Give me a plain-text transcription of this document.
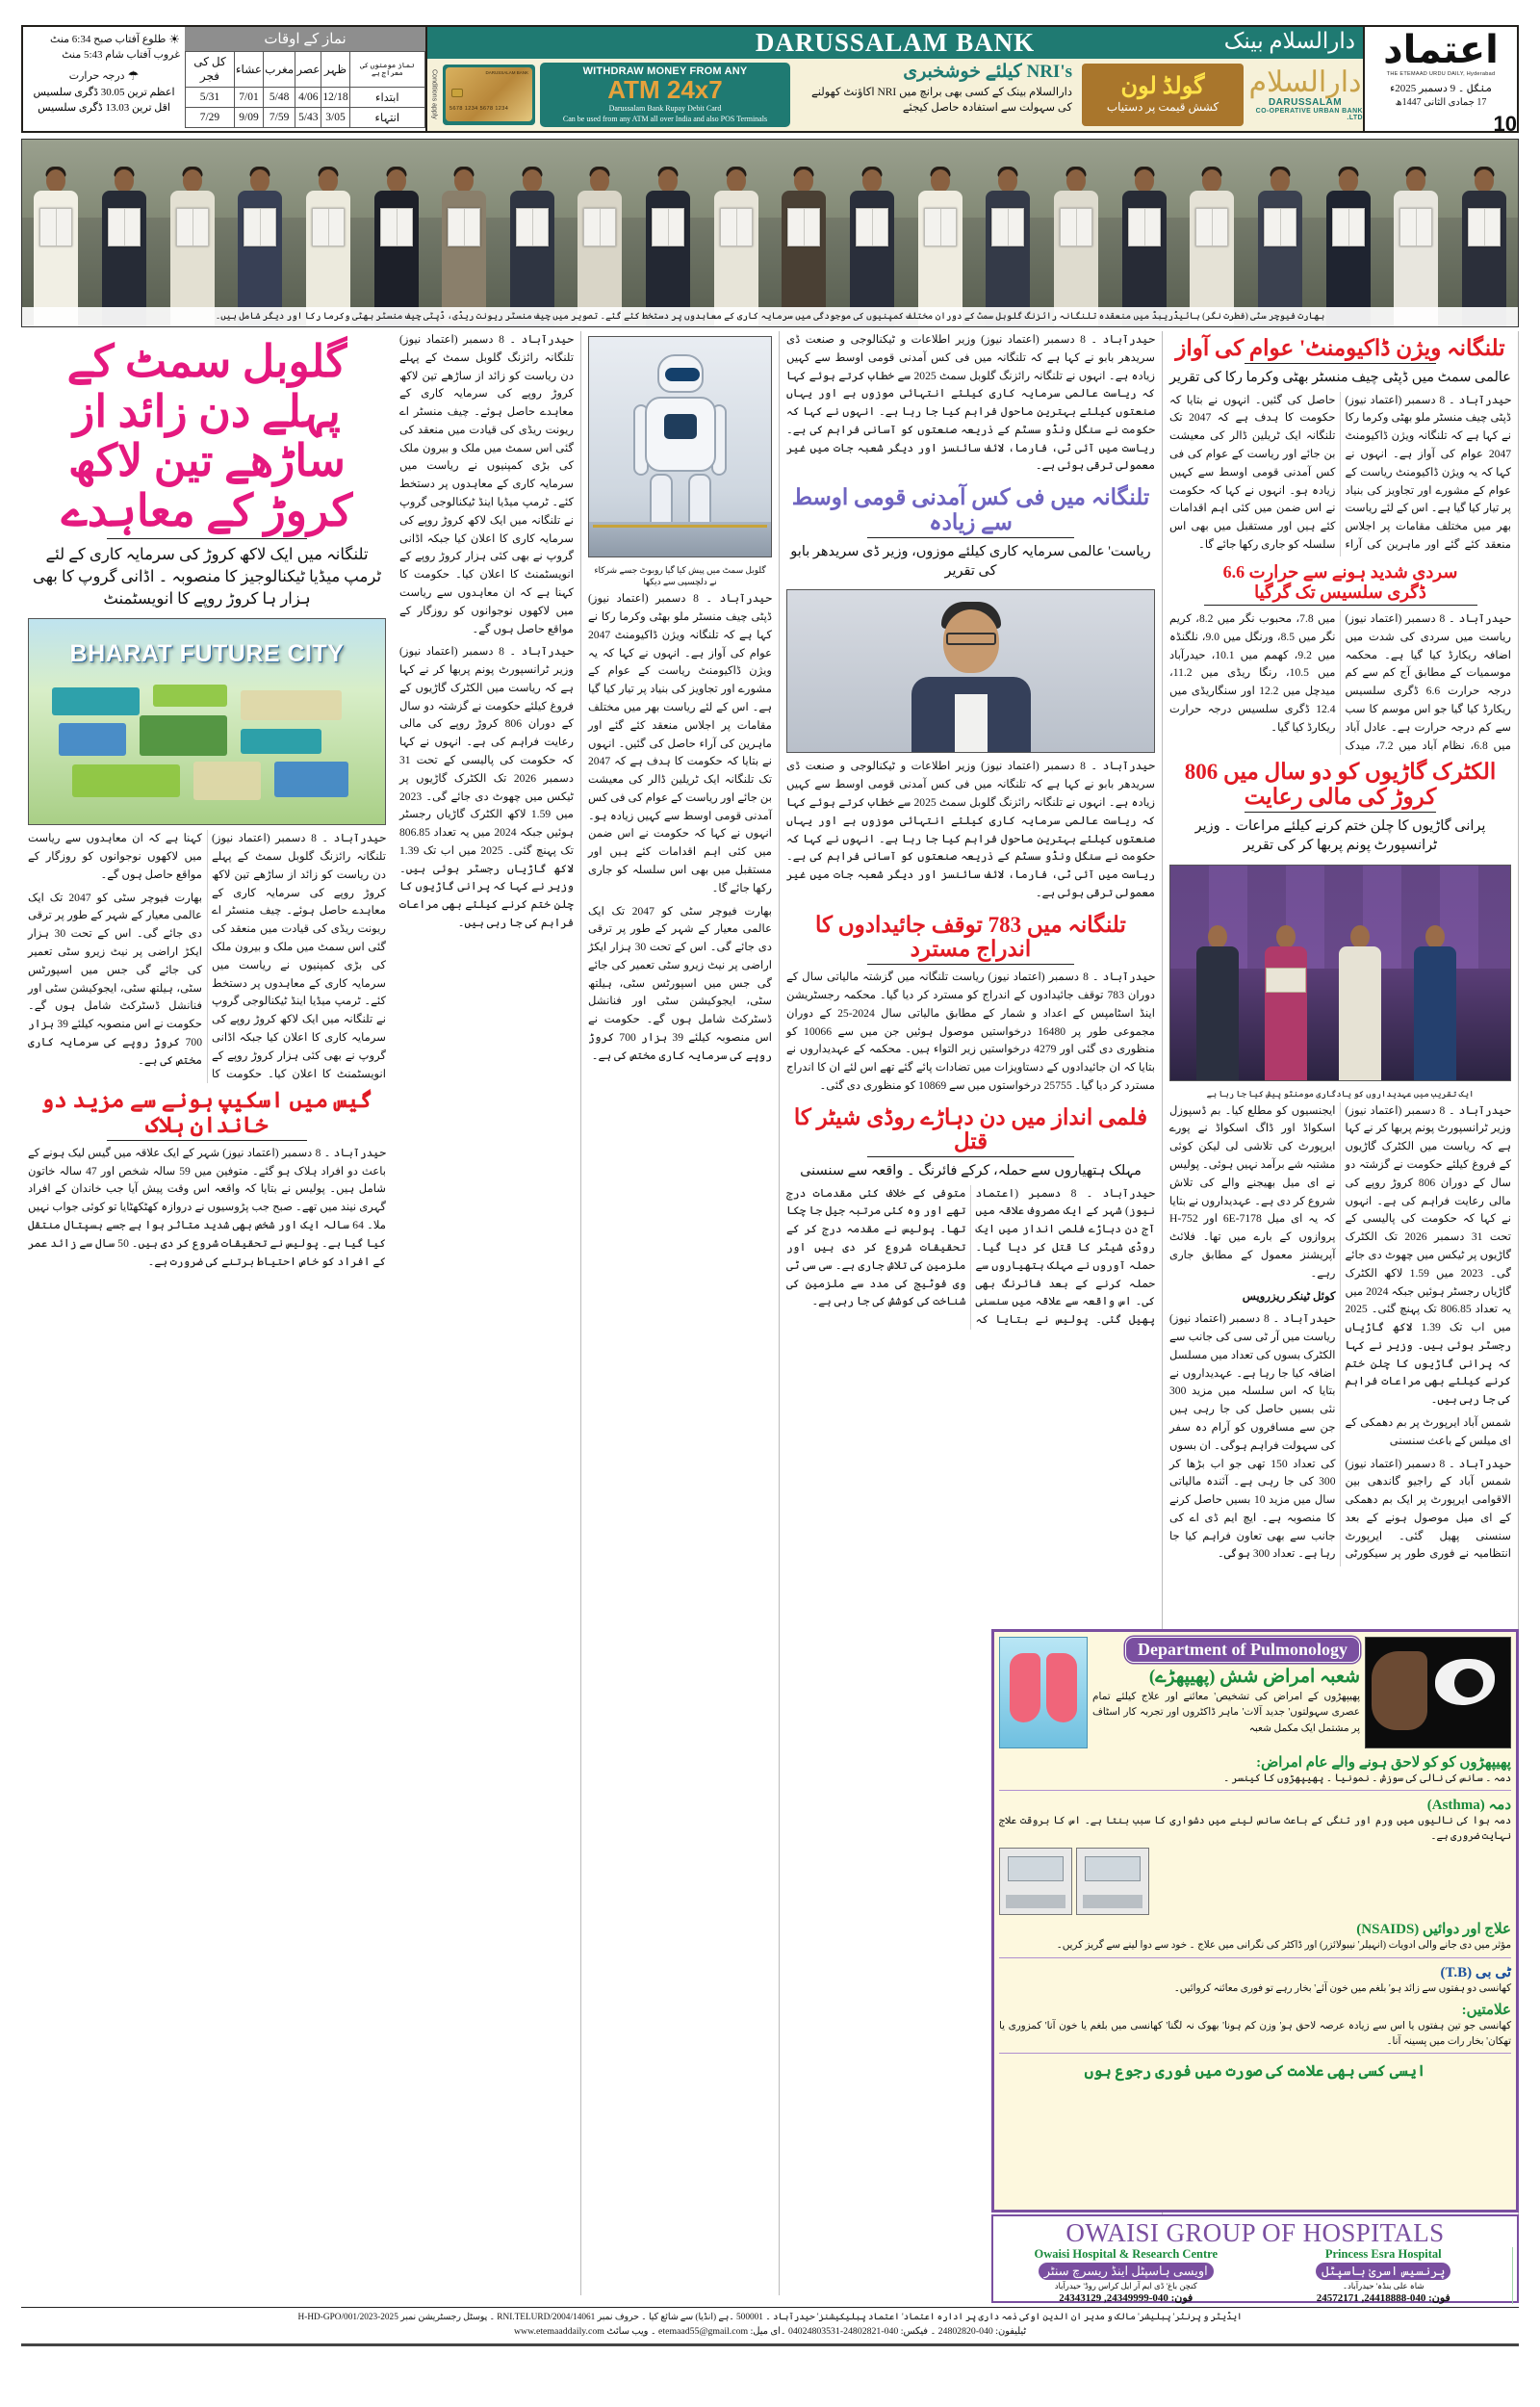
☀
طلوع آفتاب صبح 6:34 منٹ
غروب آفتاب شام 5:43 منٹ
☂
درجہ حرارت
اعظم ترین 30.05 ڈگری سلسیس
اقل ترین 13.03 ڈگری سلسیس
نماز کے اوقات
نماز مومنوں کی معراج ہے	ظہر	عصر	مغرب	عشاء	کل کی فجر
ابتداء	12/18	4/06	5/48	7/01	5/31
انتہاء	3/05	5/43	7/59	9/09	7/29
DARUSSALAM BANK	دارالسلام بینک
دارالسلام
DARUSSALAM
CO-OPERATIVE URBAN BANK LTD.
گولڈ لون
کشش قیمت پر دستیاب
NRI's کیلئے خوشخبری
دارالسلام بینک کے کسی بھی برانچ میں NRI اکاؤنٹ کھولنے کی سہولت سے استفادہ حاصل کیجئے
WITHDRAW MONEY FROM ANY
ATM 24x7
Darussalam Bank Rupay Debit Card
Can be used from any ATM all over India and also POS Terminals
DARUSSALAM BANK
1234 5678 1234 5678
Conditions apply
اعتماد
THE ETEMAAD URDU DAILY, Hyderabad
منگل ۔ 9 دسمبر 2025ء
17 جمادی الثانی 1447ھ
10
بھارت فیوچر سٹی (فطرت نگر) ہائیڈریبڈ میں منعقدہ تلنگانہ رائزنگ گلوبل سمٹ کے دوران مختلف کمپنیوں کی موجودگی میں سرمایہ کاری کے معاہدوں پر دستخط کئے گئے۔ تصویر میں چیف منسٹر ریونت ریڈی، ڈپٹی چیف منسٹر بھٹی وکرما رکا اور دیگر شامل ہیں۔
گلوبل سمٹ کے پہلے دن زائد از ساڑھے تین لاکھ کروڑ کے معاہدے
تلنگانہ میں ایک لاکھ کروڑ کی سرمایہ کاری کے لئے ٹرمپ میڈیا ٹیکنالوجیز کا منصوبہ ۔ اڈانی گروپ کا بھی ہزار ہا کروڑ روپے کا انویسٹمنٹ
BHARAT FUTURE CITY

حیدرآباد ۔ 8 دسمبر (اعتماد نیوز) تلنگانہ رائزنگ گلوبل سمٹ کے پہلے دن ریاست کو زائد از ساڑھے تین لاکھ کروڑ روپے کی سرمایہ کاری کے معاہدے حاصل ہوئے۔ چیف منسٹر اے ریونت ریڈی کی قیادت میں منعقد کی گئی اس سمٹ میں ملک و بیرون ملک کی بڑی کمپنیوں نے ریاست میں سرمایہ کاری کے معاہدوں پر دستخط کئے۔ ٹرمپ میڈیا اینڈ ٹیکنالوجی گروپ نے تلنگانہ میں ایک لاکھ کروڑ روپے کی سرمایہ کاری کا اعلان کیا جبکہ اڈانی گروپ نے بھی کئی ہزار کروڑ روپے کے انویسٹمنٹ کا اعلان کیا۔ حکومت کا کہنا ہے کہ ان معاہدوں سے ریاست میں لاکھوں نوجوانوں کو روزگار کے مواقع حاصل ہوں گے۔

بھارت فیوچر سٹی کو 2047 تک ایک عالمی معیار کے شہر کے طور پر ترقی دی جائے گی۔ اس کے تحت 30 ہزار ایکڑ اراضی پر نیٹ زیرو سٹی تعمیر کی جائے گی جس میں اسپورٹس سٹی، ہیلتھ سٹی، ایجوکیشن سٹی اور فنانشل ڈسٹرکٹ شامل ہوں گے۔ حکومت نے اس منصوبہ کیلئے 39 ہزار 700 کروڑ روپے کی سرمایہ کاری مختص کی ہے۔

گیس میں اسکیپ ہونے سے مزید دو خاندان ہلاک

حیدرآباد ۔ 8 دسمبر (اعتماد نیوز) شہر کے ایک علاقہ میں گیس لیک ہونے کے باعث دو افراد ہلاک ہو گئے۔ متوفین میں 59 سالہ شخص اور 47 سالہ خاتون شامل ہیں۔ پولیس نے بتایا کہ واقعہ اس وقت پیش آیا جب خاندان کے افراد گہری نیند میں تھے۔ صبح جب پڑوسیوں نے دروازہ کھٹکھٹایا تو کوئی جواب نہیں ملا۔ 64 سالہ ایک اور شخص بھی شدید متاثر ہوا ہے جسے ہسپتال منتقل کیا گیا ہے۔ پولیس نے تحقیقات شروع کر دی ہیں۔ 50 سال سے زائد عمر کے افراد کو خاص احتیاط برتنے کی ضرورت ہے۔

حیدرآباد ۔ 8 دسمبر (اعتماد نیوز) تلنگانہ رائزنگ گلوبل سمٹ کے پہلے دن ریاست کو زائد از ساڑھے تین لاکھ کروڑ روپے کی سرمایہ کاری کے معاہدے حاصل ہوئے۔ چیف منسٹر اے ریونت ریڈی کی قیادت میں منعقد کی گئی اس سمٹ میں ملک و بیرون ملک کی بڑی کمپنیوں نے ریاست میں سرمایہ کاری کے معاہدوں پر دستخط کئے۔ ٹرمپ میڈیا اینڈ ٹیکنالوجی گروپ نے تلنگانہ میں ایک لاکھ کروڑ روپے کی سرمایہ کاری کا اعلان کیا جبکہ اڈانی گروپ نے بھی کئی ہزار کروڑ روپے کے انویسٹمنٹ کا اعلان کیا۔ حکومت کا کہنا ہے کہ ان معاہدوں سے ریاست میں لاکھوں نوجوانوں کو روزگار کے مواقع حاصل ہوں گے۔

حیدرآباد ۔ 8 دسمبر (اعتماد نیوز) وزیر ٹرانسپورٹ پونم پربھا کر نے کہا ہے کہ ریاست میں الکٹرک گاڑیوں کے فروغ کیلئے حکومت نے گزشتہ دو سال کے دوران 806 کروڑ روپے کی مالی رعایت فراہم کی ہے۔ انہوں نے کہا کہ حکومت کی پالیسی کے تحت 31 دسمبر 2026 تک الکٹرک گاڑیوں پر ٹیکس میں چھوٹ دی جائے گی۔ 2023 میں 1.59 لاکھ الکٹرک گاڑیاں رجسٹر ہوئیں جبکہ 2024 میں یہ تعداد 806.85 تک پہنچ گئی۔ 2025 میں اب تک 1.39 لاکھ گاڑیاں رجسٹر ہوئی ہیں۔ وزیر نے کہا کہ پرانی گاڑیوں کا چلن ختم کرنے کیلئے بھی مراعات فراہم کی جا رہی ہیں۔

گلوبل سمٹ میں پیش کیا گیا روبوٹ جسے شرکاء نے دلچسپی سے دیکھا

حیدرآباد ۔ 8 دسمبر (اعتماد نیوز) ڈپٹی چیف منسٹر ملو بھٹی وکرما رکا نے کہا ہے کہ تلنگانہ ویژن ڈاکیومنٹ 2047 عوام کی آواز ہے۔ انہوں نے کہا کہ یہ ویژن ڈاکیومنٹ ریاست کے عوام کے مشورے اور تجاویز کی بنیاد پر تیار کیا گیا ہے۔ اس کے لئے ریاست بھر میں مختلف مقامات پر اجلاس منعقد کئے گئے اور ماہرین کی آراء حاصل کی گئیں۔ انہوں نے بتایا کہ حکومت کا ہدف ہے کہ 2047 تک تلنگانہ ایک ٹریلین ڈالر کی معیشت بن جائے اور ریاست کے عوام کی فی کس آمدنی قومی اوسط سے کہیں زیادہ ہو۔ انہوں نے کہا کہ حکومت نے اس ضمن میں کئی اہم اقدامات کئے ہیں اور مستقبل میں بھی اس سلسلہ کو جاری رکھا جائے گا۔

بھارت فیوچر سٹی کو 2047 تک ایک عالمی معیار کے شہر کے طور پر ترقی دی جائے گی۔ اس کے تحت 30 ہزار ایکڑ اراضی پر نیٹ زیرو سٹی تعمیر کی جائے گی جس میں اسپورٹس سٹی، ہیلتھ سٹی، ایجوکیشن سٹی اور فنانشل ڈسٹرکٹ شامل ہوں گے۔ حکومت نے اس منصوبہ کیلئے 39 ہزار 700 کروڑ روپے کی سرمایہ کاری مختص کی ہے۔

حیدرآباد ۔ 8 دسمبر (اعتماد نیوز) وزیر اطلاعات و ٹیکنالوجی و صنعت ڈی سریدھر بابو نے کہا ہے کہ تلنگانہ میں فی کس آمدنی قومی اوسط سے کہیں زیادہ ہے۔ انہوں نے تلنگانہ رائزنگ گلوبل سمٹ 2025 سے خطاب کرتے ہوئے کہا کہ ریاست عالمی سرمایہ کاری کیلئے انتہائی موزوں ہے اور یہاں صنعتوں کیلئے بہترین ماحول فراہم کیا جا رہا ہے۔ انہوں نے کہا کہ حکومت نے سنگل ونڈو سسٹم کے ذریعہ صنعتوں کو آسانی فراہم کی ہے۔ ریاست میں آئی ٹی، فارما، لائف سائنسز اور دیگر شعبہ جات میں غیر معمولی ترقی ہوئی ہے۔

تلنگانہ میں فی کس آمدنی قومی اوسط سے زیادہ
ریاست' عالمی سرمایہ کاری کیلئے موزوں، وزیر ڈی سریدھر بابو کی تقریر

حیدرآباد ۔ 8 دسمبر (اعتماد نیوز) وزیر اطلاعات و ٹیکنالوجی و صنعت ڈی سریدھر بابو نے کہا ہے کہ تلنگانہ میں فی کس آمدنی قومی اوسط سے کہیں زیادہ ہے۔ انہوں نے تلنگانہ رائزنگ گلوبل سمٹ 2025 سے خطاب کرتے ہوئے کہا کہ ریاست عالمی سرمایہ کاری کیلئے انتہائی موزوں ہے اور یہاں صنعتوں کیلئے بہترین ماحول فراہم کیا جا رہا ہے۔ انہوں نے کہا کہ حکومت نے سنگل ونڈو سسٹم کے ذریعہ صنعتوں کو آسانی فراہم کی ہے۔ ریاست میں آئی ٹی، فارما، لائف سائنسز اور دیگر شعبہ جات میں غیر معمولی ترقی ہوئی ہے۔

تلنگانہ میں 783 توقف جائیدادوں کا اندراج مسترد

حیدرآباد ۔ 8 دسمبر (اعتماد نیوز) ریاست تلنگانہ میں گزشتہ مالیاتی سال کے دوران 783 توقف جائیدادوں کے اندراج کو مسترد کر دیا گیا۔ محکمہ رجسٹریشن اینڈ اسٹامپس کے اعداد و شمار کے مطابق مالیاتی سال 2024-25 کے دوران مجموعی طور پر 16480 درخواستیں موصول ہوئیں جن میں سے 10066 کو منظوری دی گئی اور 4279 درخواستیں زیر التواء ہیں۔ محکمہ کے عہدیداروں نے بتایا کہ ان جائیدادوں کے دستاویزات میں تضادات پائے گئے تھے اس لئے ان کا اندراج مسترد کر دیا گیا۔ 25755 درخواستوں میں سے 10869 کو منظوری دی گئی۔

فلمی انداز میں دن دہاڑے روڈی شیٹر کا قتل
مہلک ہتھیاروں سے حملہ، کرکے فائرنگ ۔ واقعہ سے سنسنی

حیدرآباد ۔ 8 دسمبر (اعتماد نیوز) شہر کے ایک مصروف علاقہ میں آج دن دہاڑے فلمی انداز میں ایک روڈی شیٹر کا قتل کر دیا گیا۔ حملہ آوروں نے مہلک ہتھیاروں سے حملہ کرنے کے بعد فائرنگ بھی کی۔ اس واقعہ سے علاقہ میں سنسنی پھیل گئی۔ پولیس نے بتایا کہ متوفی کے خلاف کئی مقدمات درج تھے اور وہ کئی مرتبہ جیل جا چکا تھا۔ پولیس نے مقدمہ درج کر کے تحقیقات شروع کر دی ہیں اور ملزمین کی تلاش جاری ہے۔ سی سی ٹی وی فوٹیج کی مدد سے ملزمین کی شناخت کی کوشش کی جا رہی ہے۔

تلنگانہ ویژن ڈاکیومنٹ' عوام کی آواز
عالمی سمٹ میں ڈپٹی چیف منسٹر بھٹی وکرما رکا کی تقریر

حیدرآباد ۔ 8 دسمبر (اعتماد نیوز) ڈپٹی چیف منسٹر ملو بھٹی وکرما رکا نے کہا ہے کہ تلنگانہ ویژن ڈاکیومنٹ 2047 عوام کی آواز ہے۔ انہوں نے کہا کہ یہ ویژن ڈاکیومنٹ ریاست کے عوام کے مشورے اور تجاویز کی بنیاد پر تیار کیا گیا ہے۔ اس کے لئے ریاست بھر میں مختلف مقامات پر اجلاس منعقد کئے گئے اور ماہرین کی آراء حاصل کی گئیں۔ انہوں نے بتایا کہ حکومت کا ہدف ہے کہ 2047 تک تلنگانہ ایک ٹریلین ڈالر کی معیشت بن جائے اور ریاست کے عوام کی فی کس آمدنی قومی اوسط سے کہیں زیادہ ہو۔ انہوں نے کہا کہ حکومت نے اس ضمن میں کئی اہم اقدامات کئے ہیں اور مستقبل میں بھی اس سلسلہ کو جاری رکھا جائے گا۔

سردی شدید ہونے سے حرارت 6.6 ڈگری سلسیس تک گرگیا

حیدرآباد ۔ 8 دسمبر (اعتماد نیوز) ریاست میں سردی کی شدت میں اضافہ ریکارڈ کیا گیا ہے۔ محکمہ موسمیات کے مطابق آج کم سے کم درجہ حرارت 6.6 ڈگری سلسیس ریکارڈ کیا گیا جو اس موسم کا سب سے کم درجہ حرارت ہے۔ عادل آباد میں 6.8، نظام آباد میں 7.2، میدک میں 7.8، محبوب نگر میں 8.2، کریم نگر میں 8.5، ورنگل میں 9.0، نلگنڈہ میں 9.2، کھمم میں 10.1، حیدرآباد میں 10.5، رنگا ریڈی میں 11.2، میدچل میں 12.2 اور سنگاریڈی میں 12.4 ڈگری سلسیس درجہ حرارت ریکارڈ کیا گیا۔

الکٹرک گاڑیوں کو دو سال میں 806 کروڑ کی مالی رعایت
پرانی گاڑیوں کا چلن ختم کرنے کیلئے مراعات ۔ وزیر ٹرانسپورٹ پونم پربھا کر کی تقریر
ایک تقریب میں عہدیداروں کو یادگاری مومنٹو پیش کیا جا رہا ہے

حیدرآباد ۔ 8 دسمبر (اعتماد نیوز) وزیر ٹرانسپورٹ پونم پربھا کر نے کہا ہے کہ ریاست میں الکٹرک گاڑیوں کے فروغ کیلئے حکومت نے گزشتہ دو سال کے دوران 806 کروڑ روپے کی مالی رعایت فراہم کی ہے۔ انہوں نے کہا کہ حکومت کی پالیسی کے تحت 31 دسمبر 2026 تک الکٹرک گاڑیوں پر ٹیکس میں چھوٹ دی جائے گی۔ 2023 میں 1.59 لاکھ الکٹرک گاڑیاں رجسٹر ہوئیں جبکہ 2024 میں یہ تعداد 806.85 تک پہنچ گئی۔ 2025 میں اب تک 1.39 لاکھ گاڑیاں رجسٹر ہوئی ہیں۔ وزیر نے کہا کہ پرانی گاڑیوں کا چلن ختم کرنے کیلئے بھی مراعات فراہم کی جا رہی ہیں۔

شمس آباد ایرپورٹ پر بم دھمکی کے ای میلس کے باعث سنسنی

حیدرآباد ۔ 8 دسمبر (اعتماد نیوز) شمس آباد کے راجیو گاندھی بین الاقوامی ایرپورٹ پر ایک بم دھمکی کے ای میل موصول ہونے کے بعد سنسنی پھیل گئی۔ ایرپورٹ انتظامیہ نے فوری طور پر سیکورٹی ایجنسیوں کو مطلع کیا۔ بم ڈسپوزل اسکواڈ اور ڈاگ اسکواڈ نے پورے ایرپورٹ کی تلاشی لی لیکن کوئی مشتبہ شے برآمد نہیں ہوئی۔ پولیس نے ای میل بھیجنے والے کی تلاش شروع کر دی ہے۔ عہدیداروں نے بتایا کہ یہ ای میل 6E-7178 اور H-752 پروازوں کے بارے میں تھا۔ فلائٹ آپریشنز معمول کے مطابق جاری رہے۔

کوئل ٹینکر ریزرویس

حیدرآباد ۔ 8 دسمبر (اعتماد نیوز) ریاست میں آر ٹی سی کی جانب سے الکٹرک بسوں کی تعداد میں مسلسل اضافہ کیا جا رہا ہے۔ عہدیداروں نے بتایا کہ اس سلسلہ میں مزید 300 نئی بسیں حاصل کی جا رہی ہیں جن سے مسافروں کو آرام دہ سفر کی سہولت فراہم ہوگی۔ ان بسوں کی تعداد 150 تھی جو اب بڑھا کر 300 کی جا رہی ہے۔ آئندہ مالیاتی سال میں مزید 10 بسیں حاصل کرنے کا منصوبہ ہے۔ ایچ ایم ڈی اے کی جانب سے بھی تعاون فراہم کیا جا رہا ہے۔ تعداد 300 ہوگی۔

Department of Pulmonology
شعبہ امراض شش (پھیپھڑے)
پھیپھڑوں کے امراض کی تشخیص' معائنے اور علاج کیلئے تمام عصری سہولتوں' جدید آلات' ماہر ڈاکٹروں اور تجربہ کار اسٹاف پر مشتمل ایک مکمل شعبہ
پھیپھڑوں کو کو لاحق ہونے والے عام امراض:
دمہ ۔ سانس کی نالی کی سوزش ۔ نمونیا ۔ پھیپھڑوں کا کینسر ۔
دمہ (Asthma)
دمہ ہوا کی نالیوں میں ورم اور تنگی کے باعث سانس لینے میں دشواری کا سبب بنتا ہے۔ اس کا بروقت علاج نہایت ضروری ہے۔
علاج اور دوائیں (NSAIDS)
مؤثر میں دی جانے والی ادویات (انہیلر' نیبولائزر) اور ڈاکٹر کی نگرانی میں علاج ۔ خود سے دوا لینے سے گریز کریں۔
ٹی بی (T.B)
کھانسی دو ہفتوں سے زائد ہو' بلغم میں خون آئے' بخار رہے تو فوری معائنہ کروائیں۔
علامتیں:
کھانسی جو تین ہفتوں یا اس سے زیادہ عرصہ لاحق ہو' وزن کم ہونا' بھوک نہ لگنا' کھانسی میں بلغم یا خون آنا' کمزوری یا تھکان' بخار رات میں پسینہ آنا۔
ایسی کسی بھی علامت کی صورت میں فوری رجوع ہوں
OWAISI GROUP OF HOSPITALS
Owaisi Hospital & Research Centre
اویسی ہاسپٹل اینڈ ریسرچ سنٹر
کنچن باغ' ڈی ایم آر ایل کراس روڈ' حیدرآباد
فون: 040-24349999, 24343129
Princess Esra Hospital
پرنسیس اسریٰ ہاسپٹل
شاہ علی بنڈہ' حیدرآباد۔
فون: 040-24418888, 24572171
ایڈیٹر و پرنٹر' پبلیشر' مالک و مدیر ان الدین اوکی ذمہ داری پر ادارہ اعتماد' اعتماد پبلیکیشنز' حیدرآباد ۔ 500001 ۔ہے (انڈیا) سے شائع کیا ۔ حروف نمبر RNI.TELURD/2004/14061 ۔ پوسٹل رجسٹریشن نمبر H-HD-GPO/001/2023-2025
ٹیلیفون: 040-24802820 ۔ فیکس: 040-24802821-04024803531 ۔ای میل: etemaad55@gmail.com ۔ ویب سائٹ www.etemaaddaily.com
